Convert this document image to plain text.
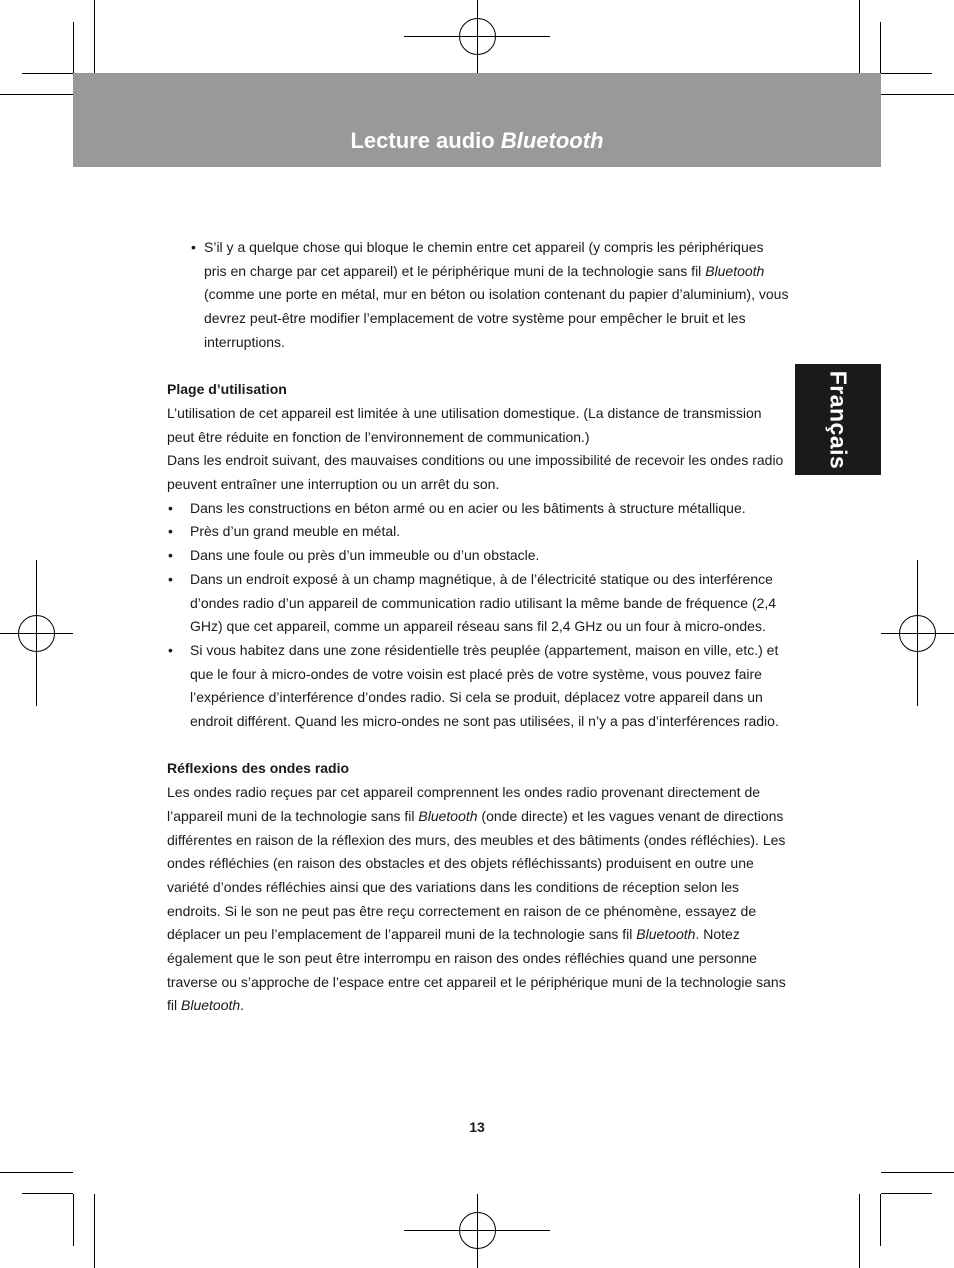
Lecture audio Bluetooth
Français

• S’il y a quelque chose qui bloque le chemin entre cet appareil (y compris les périphériques pris en charge par cet appareil) et le périphérique muni de la technologie sans fil Bluetooth (comme une porte en métal, mur en béton ou isolation contenant du papier d’aluminium), vous devrez peut-être modifier l’emplacement de votre système pour empêcher le bruit et les interruptions.

Plage d’utilisation

L’utilisation de cet appareil est limitée à une utilisation domestique. (La distance de transmission peut être réduite en fonction de l’environnement de communication.)

Dans les endroit suivant, des mauvaises conditions ou une impossibilité de recevoir les ondes radio peuvent entraîner une interruption ou un arrêt du son.

• Dans les constructions en béton armé ou en acier ou les bâtiments à structure métallique.
• Près d’un grand meuble en métal.
• Dans une foule ou près d’un immeuble ou d’un obstacle.
• Dans un endroit exposé à un champ magnétique, à de l’électricité statique ou des interférence d’ondes radio d’un appareil de communication radio utilisant la même bande de fréquence (2,4 GHz) que cet appareil, comme un appareil réseau sans fil 2,4 GHz ou un four à micro-ondes.
• Si vous habitez dans une zone résidentielle très peuplée (appartement, maison en ville, etc.) et que le four à micro-ondes de votre voisin est placé près de votre système, vous pouvez faire l’expérience d’interférence d’ondes radio. Si cela se produit, déplacez votre appareil dans un endroit différent. Quand les micro-ondes ne sont pas utilisées, il n’y a pas d’interférences radio.

Réflexions des ondes radio

Les ondes radio reçues par cet appareil comprennent les ondes radio provenant directement de l’appareil muni de la technologie sans fil Bluetooth (onde directe) et les vagues venant de directions différentes en raison de la réflexion des murs, des meubles et des bâtiments (ondes réfléchies). Les ondes réfléchies (en raison des obstacles et des objets réfléchissants) produisent en outre une variété d’ondes réfléchies ainsi que des variations dans les conditions de réception selon les endroits. Si le son ne peut pas être reçu correctement en raison de ce phénomène, essayez de déplacer un peu l’emplacement de l’appareil muni de la technologie sans fil Bluetooth. Notez également que le son peut être interrompu en raison des ondes réfléchies quand une personne traverse ou s’approche de l’espace entre cet appareil et le périphérique muni de la technologie sans fil Bluetooth.

13
